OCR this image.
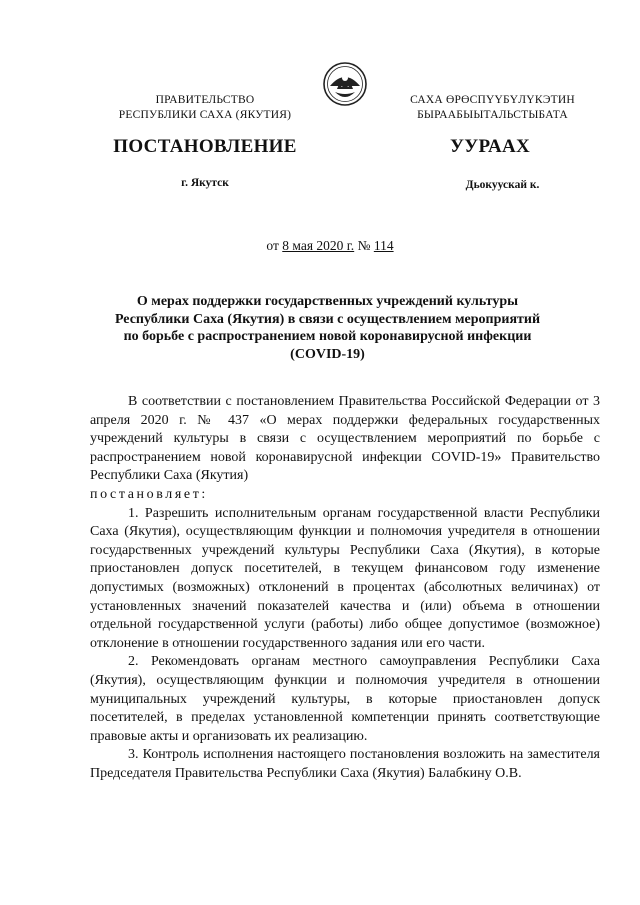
ПРАВИТЕЛЬСТВО
РЕСПУБЛИКИ САХА (ЯКУТИЯ)
САХА ӨРӨСПҮҮБҮЛҮКЭТИН
БЫРААБЫЫТАЛЬСТЫБАТА
ПОСТАНОВЛЕНИЕ	УУРААХ
г. Якутск	Дьокуускай к.
от 8 мая 2020 г. № 114
О мерах поддержки государственных учреждений культуры
Республики Саха (Якутия) в связи с осуществлением мероприятий
по борьбе с распространением новой коронавирусной инфекции
(COVID-19)

В соответствии с постановлением Правительства Российской Федерации от 3 апреля 2020 г. № 437 «О мерах поддержки федеральных государственных учреждений культуры в связи с осуществлением мероприятий по борьбе с распространением новой коронавирусной инфекции COVID-19» Правительство Республики Саха (Якутия)

постановляет:

1. Разрешить исполнительным органам государственной власти Республики Саха (Якутия), осуществляющим функции и полномочия учредителя в отношении государственных учреждений культуры Республики Саха (Якутия), в которые приостановлен допуск посетителей, в текущем финансовом году изменение допустимых (возможных) отклонений в процентах (абсолютных величинах) от установленных значений показателей качества и (или) объема в отношении отдельной государственной услуги (работы) либо общее допустимое (возможное) отклонение в отношении государственного задания или его части.

2. Рекомендовать органам местного самоуправления Республики Саха (Якутия), осуществляющим функции и полномочия учредителя в отношении муниципальных учреждений культуры, в которые приостановлен допуск посетителей, в пределах установленной компетенции принять соответствующие правовые акты и организовать их реализацию.

3. Контроль исполнения настоящего постановления возложить на заместителя Председателя Правительства Республики Саха (Якутия) Балабкину О.В.
